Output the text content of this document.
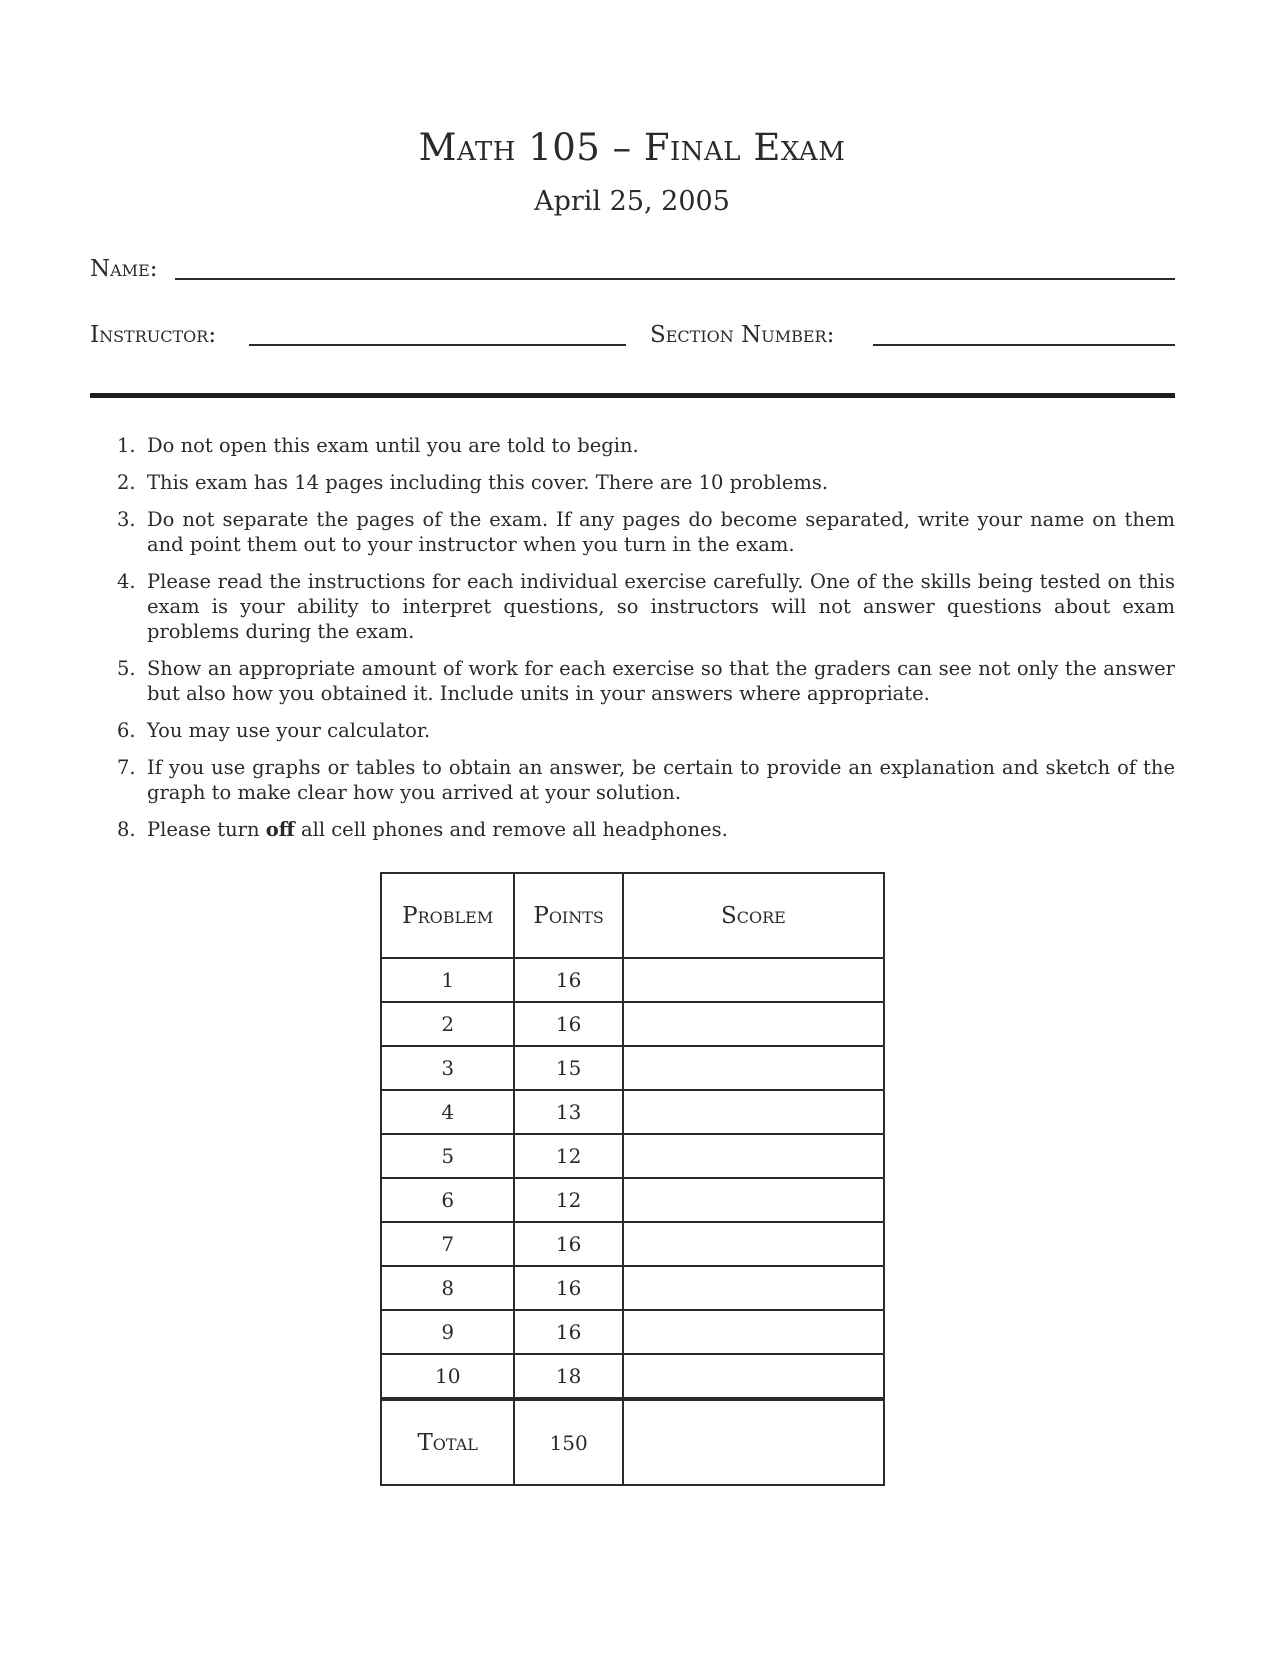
Math 105 – Final Exam
April 25, 2005
Name:
Instructor:	Section Number:
1. Do not open this exam until you are told to begin.
2. This exam has 14 pages including this cover. There are 10 problems.
3. Do not separate the pages of the exam. If any pages do become separated, write your name on them and point them out to your instructor when you turn in the exam.
4. Please read the instructions for each individual exercise carefully. One of the skills being tested on this exam is your ability to interpret questions, so instructors will not answer questions about exam problems during the exam.
5. Show an appropriate amount of work for each exercise so that the graders can see not only the answer but also how you obtained it. Include units in your answers where appropriate.
6. You may use your calculator.
7. If you use graphs or tables to obtain an answer, be certain to provide an explanation and sketch of the graph to make clear how you arrived at your solution.
8. Please turn off all cell phones and remove all headphones.
Problem	Points	Score
1	16	
2	16	
3	15	
4	13	
5	12	
6	12	
7	16	
8	16	
9	16	
10	18	
Total	150	
